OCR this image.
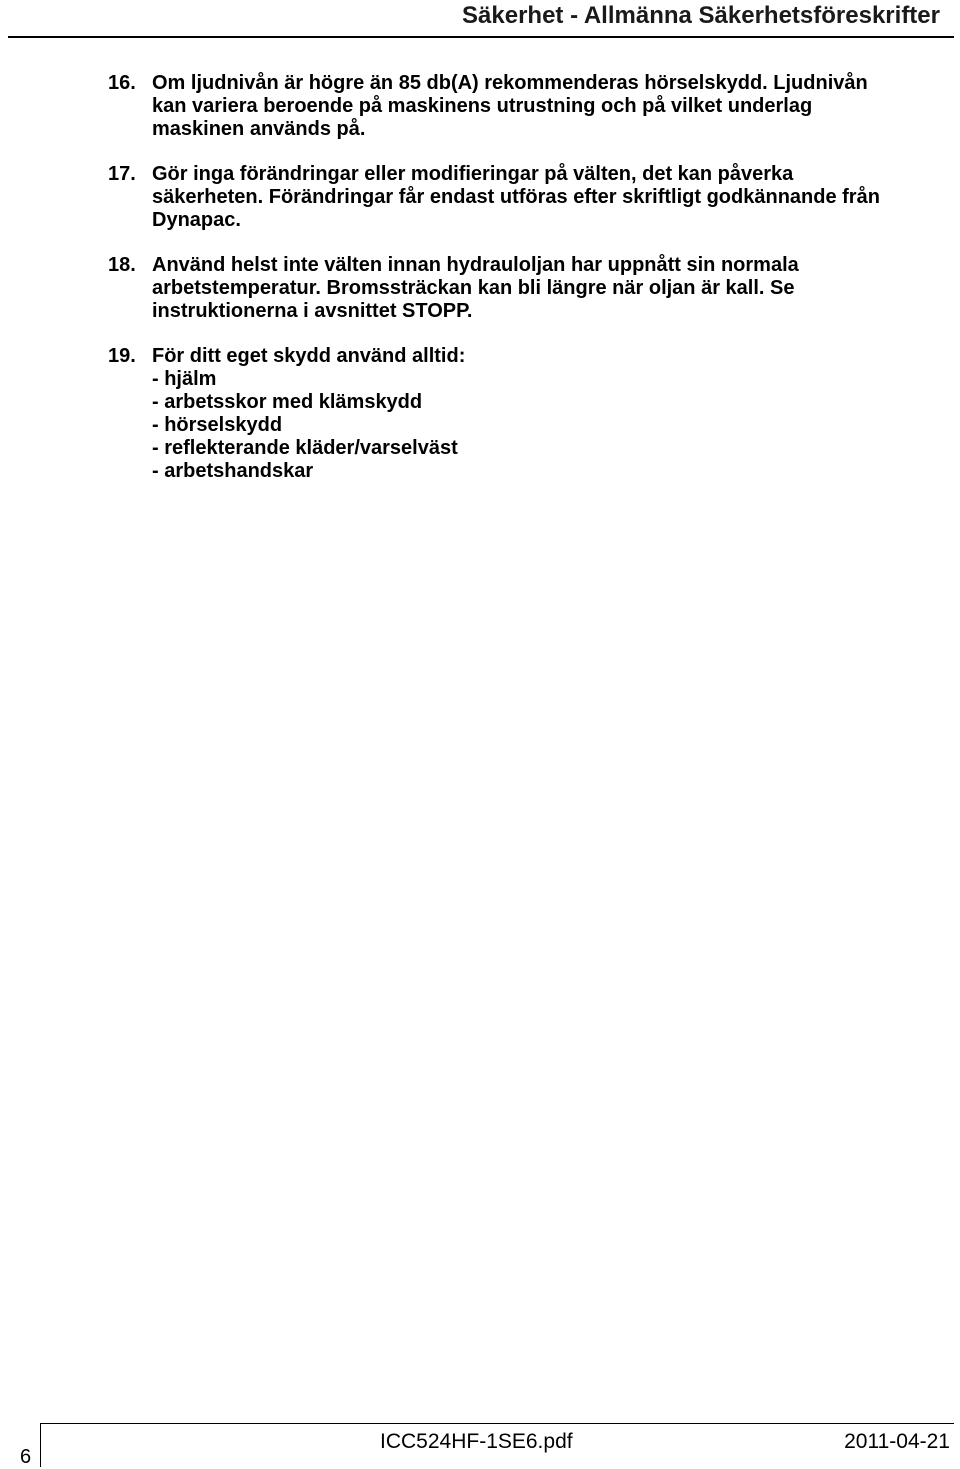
Säkerhet - Allmänna Säkerhetsföreskrifter
16. Om ljudnivån är högre än 85 db(A) rekommenderas hörselskydd. Ljudnivån
kan variera beroende på maskinens utrustning och på vilket underlag
maskinen används på.
17. Gör inga förändringar eller modifieringar på välten, det kan påverka
säkerheten. Förändringar får endast utföras efter skriftligt godkännande från
Dynapac.
18. Använd helst inte välten innan hydrauloljan har uppnått sin normala
arbetstemperatur. Bromssträckan kan bli längre när oljan är kall. Se
instruktionerna i avsnittet STOPP.
19. För ditt eget skydd använd alltid:
- hjälm
- arbetsskor med klämskydd
- hörselskydd
- reflekterande kläder/varselväst
- arbetshandskar
6
ICC524HF-1SE6.pdf	2011-04-21
